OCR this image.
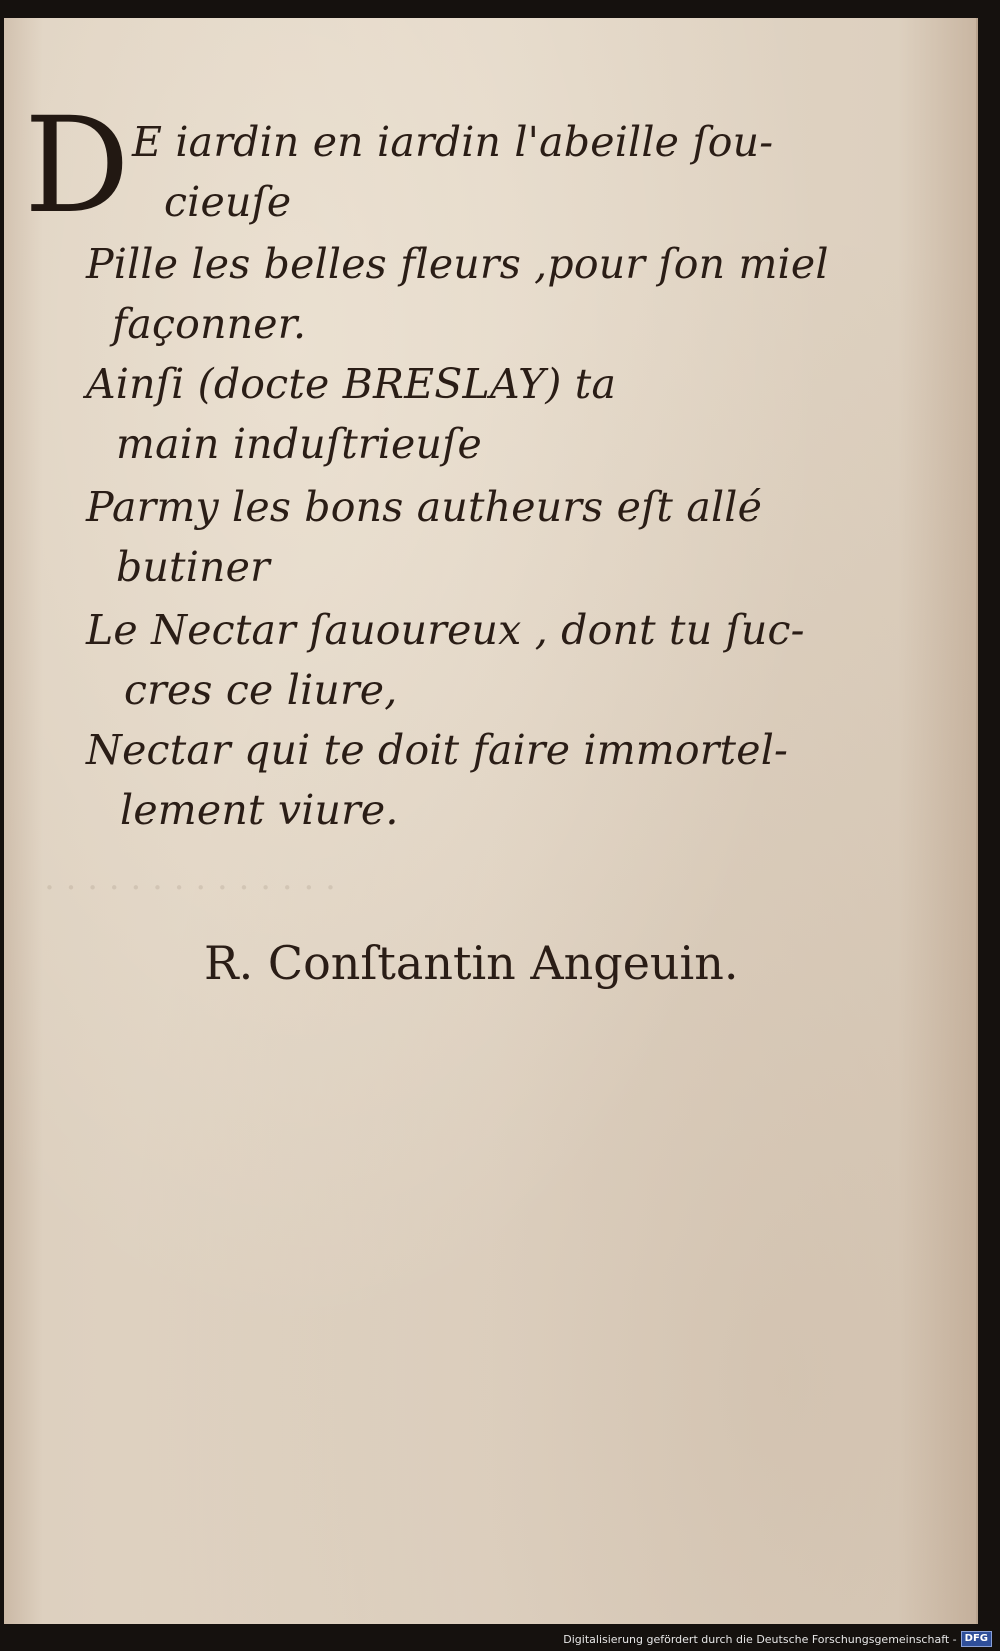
. . . . . . . . . . . . . .
D E iardin en iardin l'abeille ſou-
cieuſe
Pille les belles fleurs ,pour ſon miel
façonner.
Ainſi (docte BRESLAY) ta
main induſtrieuſe
Parmy les bons autheurs eſt allé
butiner
Le Nectar ſauoureux , dont tu ſuc-
cres ce liure,
Nectar qui te doit faire immortel-
lement viure.
R. Conſtantin Angeuin.
Digitalisierung gefördert durch die Deutsche Forschungsgemeinschaft - DFG
